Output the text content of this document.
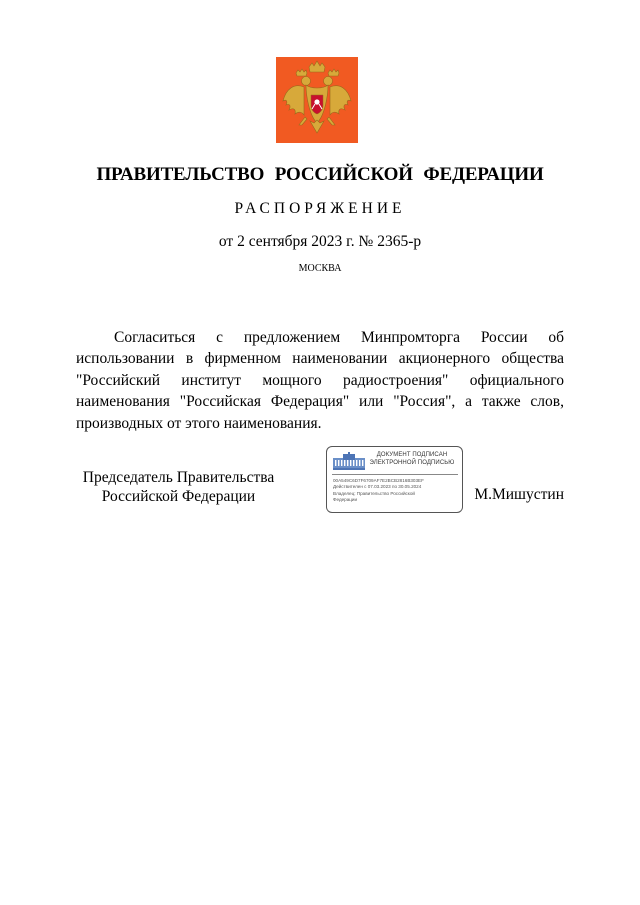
ПРАВИТЕЛЬСТВО РОССИЙСКОЙ ФЕДЕРАЦИИ
РАСПОРЯЖЕНИЕ
от 2 сентября 2023 г. № 2365-р
МОСКВА
Согласиться с предложением Минпромторга России об использовании в фирменном наименовании акционерного общества "Российский институт мощного радиостроения" официального наименования "Российская Федерация" или "Россия", а также слов, производных от этого наименования.
Председатель Правительства
Российской Федерации
ДОКУМЕНТ ПОДПИСАН
ЭЛЕКТРОННОЙ ПОДПИСЬЮ
00A549C6D7F6709AF7E2BCB2816B303EF
Действителен с 07.03.2023 по 30.05.2024
Владелец: Правительство Российской
Федерации	М.Мишустин
